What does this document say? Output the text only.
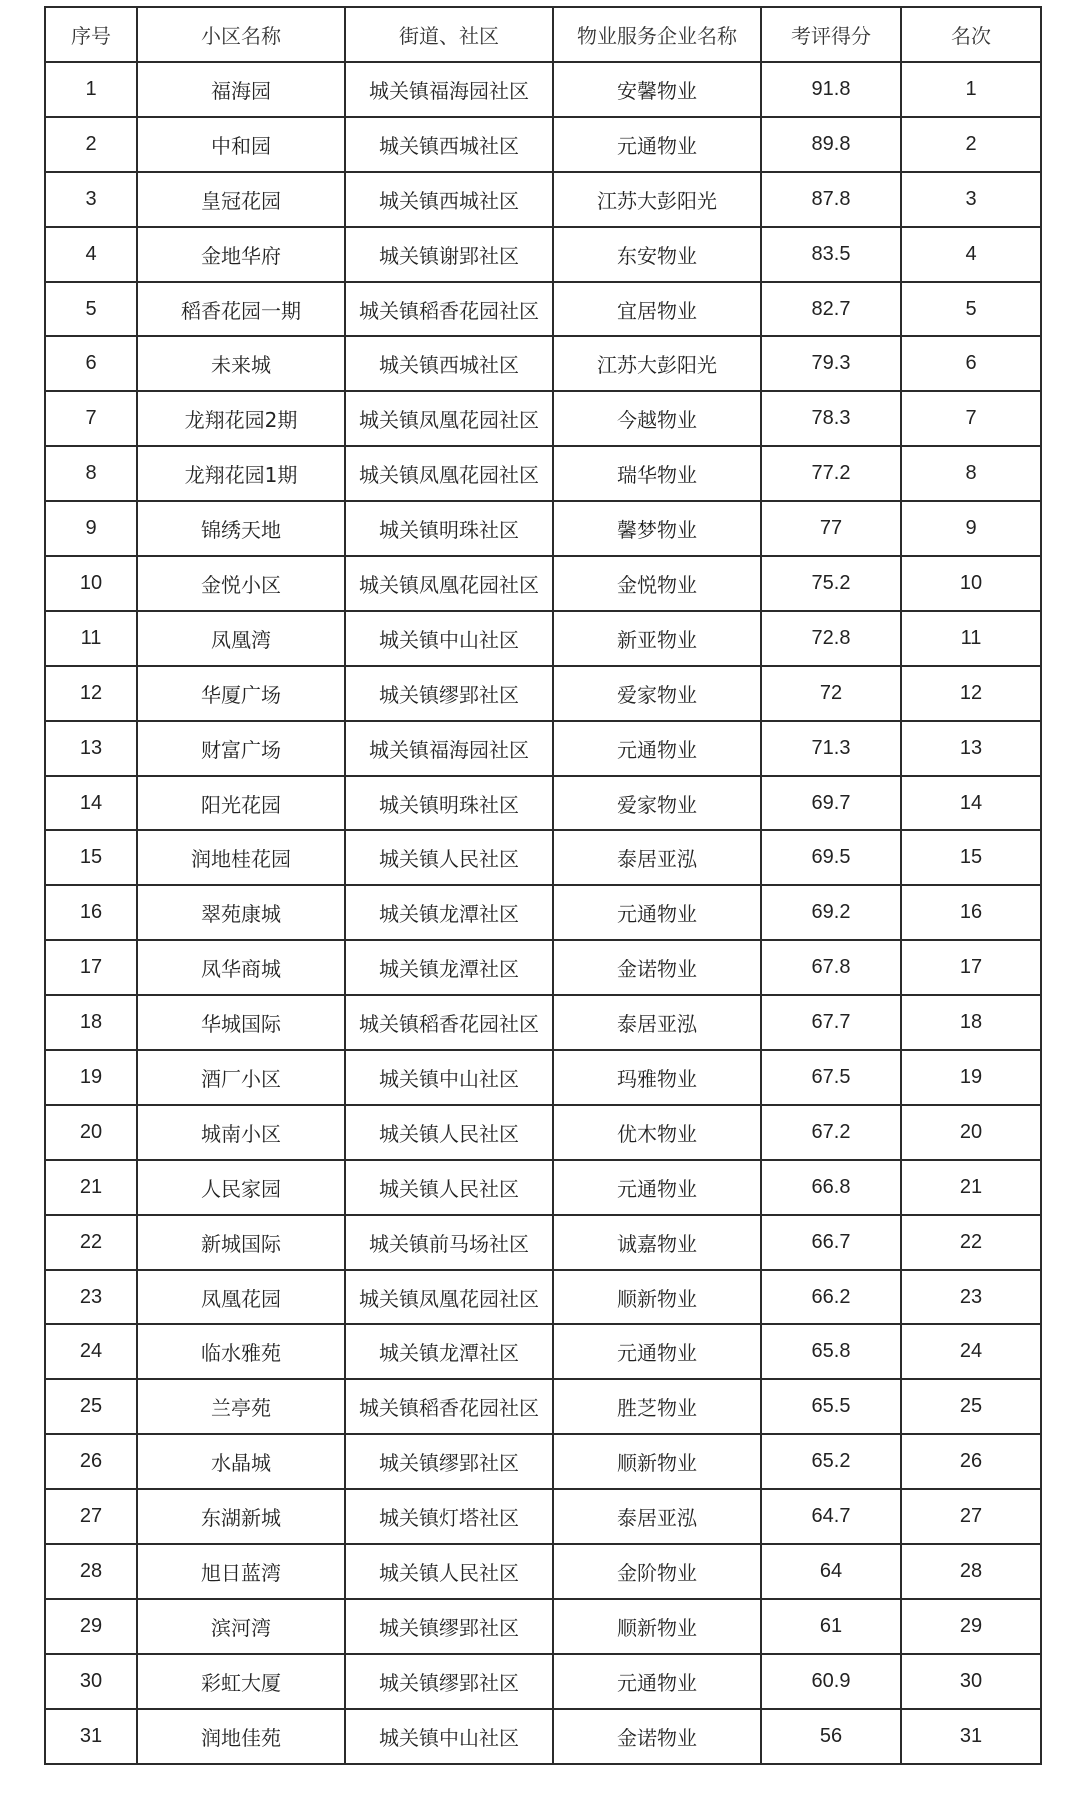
序号	小区名称	街道、社区	物业服务企业名称	考评得分	名次
1	福海园	城关镇福海园社区	安馨物业	91.8	1
2	中和园	城关镇西城社区	元通物业	89.8	2
3	皇冠花园	城关镇西城社区	江苏大彭阳光	87.8	3
4	金地华府	城关镇谢郢社区	东安物业	83.5	4
5	稻香花园一期	城关镇稻香花园社区	宜居物业	82.7	5
6	未来城	城关镇西城社区	江苏大彭阳光	79.3	6
7	龙翔花园2期	城关镇凤凰花园社区	今越物业	78.3	7
8	龙翔花园1期	城关镇凤凰花园社区	瑞华物业	77.2	8
9	锦绣天地	城关镇明珠社区	馨梦物业	77	9
10	金悦小区	城关镇凤凰花园社区	金悦物业	75.2	10
11	凤凰湾	城关镇中山社区	新亚物业	72.8	11
12	华厦广场	城关镇缪郢社区	爱家物业	72	12
13	财富广场	城关镇福海园社区	元通物业	71.3	13
14	阳光花园	城关镇明珠社区	爱家物业	69.7	14
15	润地桂花园	城关镇人民社区	泰居亚泓	69.5	15
16	翠苑康城	城关镇龙潭社区	元通物业	69.2	16
17	凤华商城	城关镇龙潭社区	金诺物业	67.8	17
18	华城国际	城关镇稻香花园社区	泰居亚泓	67.7	18
19	酒厂小区	城关镇中山社区	玛雅物业	67.5	19
20	城南小区	城关镇人民社区	优木物业	67.2	20
21	人民家园	城关镇人民社区	元通物业	66.8	21
22	新城国际	城关镇前马场社区	诚嘉物业	66.7	22
23	凤凰花园	城关镇凤凰花园社区	顺新物业	66.2	23
24	临水雅苑	城关镇龙潭社区	元通物业	65.8	24
25	兰亭苑	城关镇稻香花园社区	胜芝物业	65.5	25
26	水晶城	城关镇缪郢社区	顺新物业	65.2	26
27	东湖新城	城关镇灯塔社区	泰居亚泓	64.7	27
28	旭日蓝湾	城关镇人民社区	金阶物业	64	28
29	滨河湾	城关镇缪郢社区	顺新物业	61	29
30	彩虹大厦	城关镇缪郢社区	元通物业	60.9	30
31	润地佳苑	城关镇中山社区	金诺物业	56	31
